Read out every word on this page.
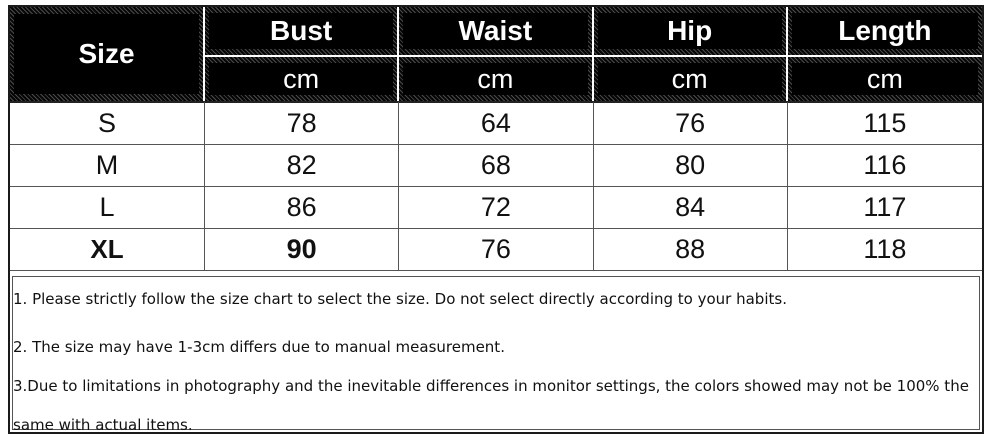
Size	Bust	Waist	Hip	Length

cm	cm	cm	cm

S	78	64	76	115
M	82	68	80	116
L	86	72	84	117
XL	90	76	88	118

1. Please strictly follow the size chart to select the size. Do not select directly according to your habits.

2. The size may have 1-3cm differs due to manual measurement.

3.Due to limitations in photography and the inevitable differences in monitor settings, the colors showed may not be 100% the same with actual items.
